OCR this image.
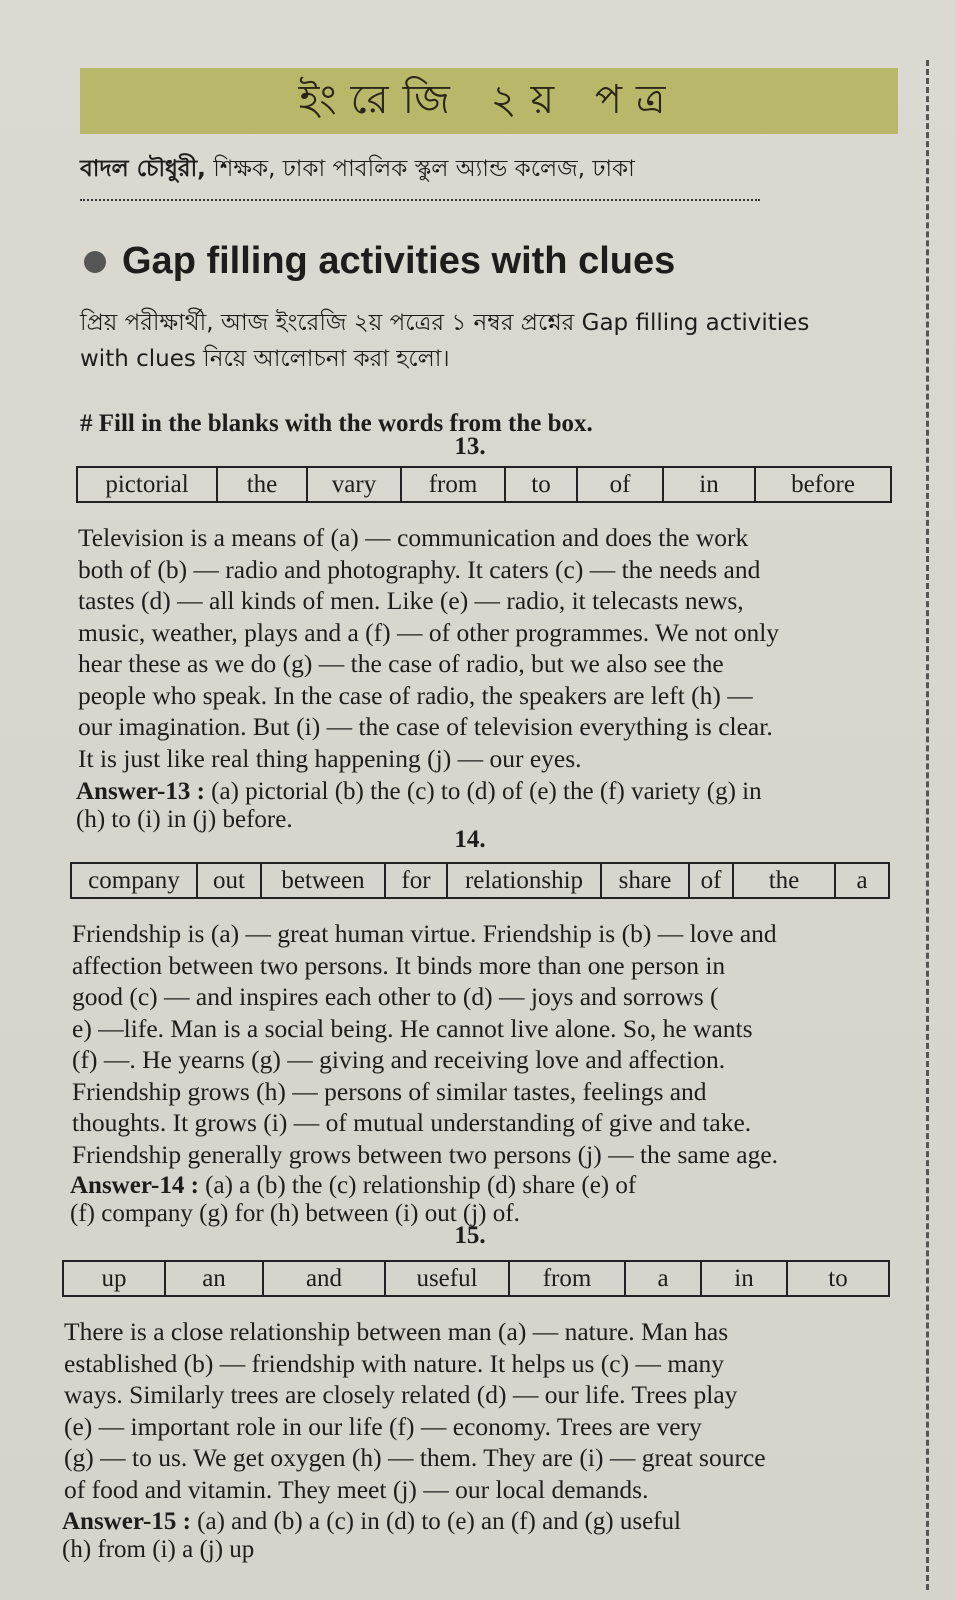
ইংরেজি ২য় পত্র
বাদল চৌধুরী, শিক্ষক, ঢাকা পাবলিক স্কুল অ্যান্ড কলেজ, ঢাকা
Gap filling activities with clues
প্রিয় পরীক্ষার্থী, আজ ইংরেজি ২য় পত্রের ১ নম্বর প্রশ্নের Gap filling activities with clues নিয়ে আলোচনা করা হলো।
# Fill in the blanks with the words from the box.
13.
pictorial	the	vary	from	to	of	in	before
Television is a means of (a) — communication and does the work
both of (b) — radio and photography. It caters (c) — the needs and
tastes (d) — all kinds of men. Like (e) — radio, it telecasts news,
music, weather, plays and a (f) — of other programmes. We not only
hear these as we do (g) — the case of radio, but we also see the
people who speak. In the case of radio, the speakers are left (h) —
our imagination. But (i) — the case of television everything is clear.
It is just like real thing happening (j) — our eyes.
Answer-13 : (a) pictorial (b) the (c) to (d) of (e) the (f) variety (g) in
(h) to (i) in (j) before.
14.
company	out	between	for	relationship	share	of	the	a
Friendship is (a) — great human virtue. Friendship is (b) — love and
affection between two persons. It binds more than one person in
good (c) — and inspires each other to (d) — joys and sorrows (
e) —life. Man is a social being. He cannot live alone. So, he wants
(f) —. He yearns (g) — giving and receiving love and affection.
Friendship grows (h) — persons of similar tastes, feelings and
thoughts. It grows (i) — of mutual understanding of give and take.
Friendship generally grows between two persons (j) — the same age.
Answer-14 : (a) a (b) the (c) relationship (d) share (e) of
(f) company (g) for (h) between (i) out (j) of.
15.
up	an	and	useful	from	a	in	to
There is a close relationship between man (a) — nature. Man has
established (b) — friendship with nature. It helps us (c) — many
ways. Similarly trees are closely related (d) — our life. Trees play
(e) — important role in our life (f) — economy. Trees are very
(g) — to us. We get oxygen (h) — them. They are (i) — great source
of food and vitamin. They meet (j) — our local demands.
Answer-15 : (a) and (b) a (c) in (d) to (e) an (f) and (g) useful
(h) from (i) a (j) up
